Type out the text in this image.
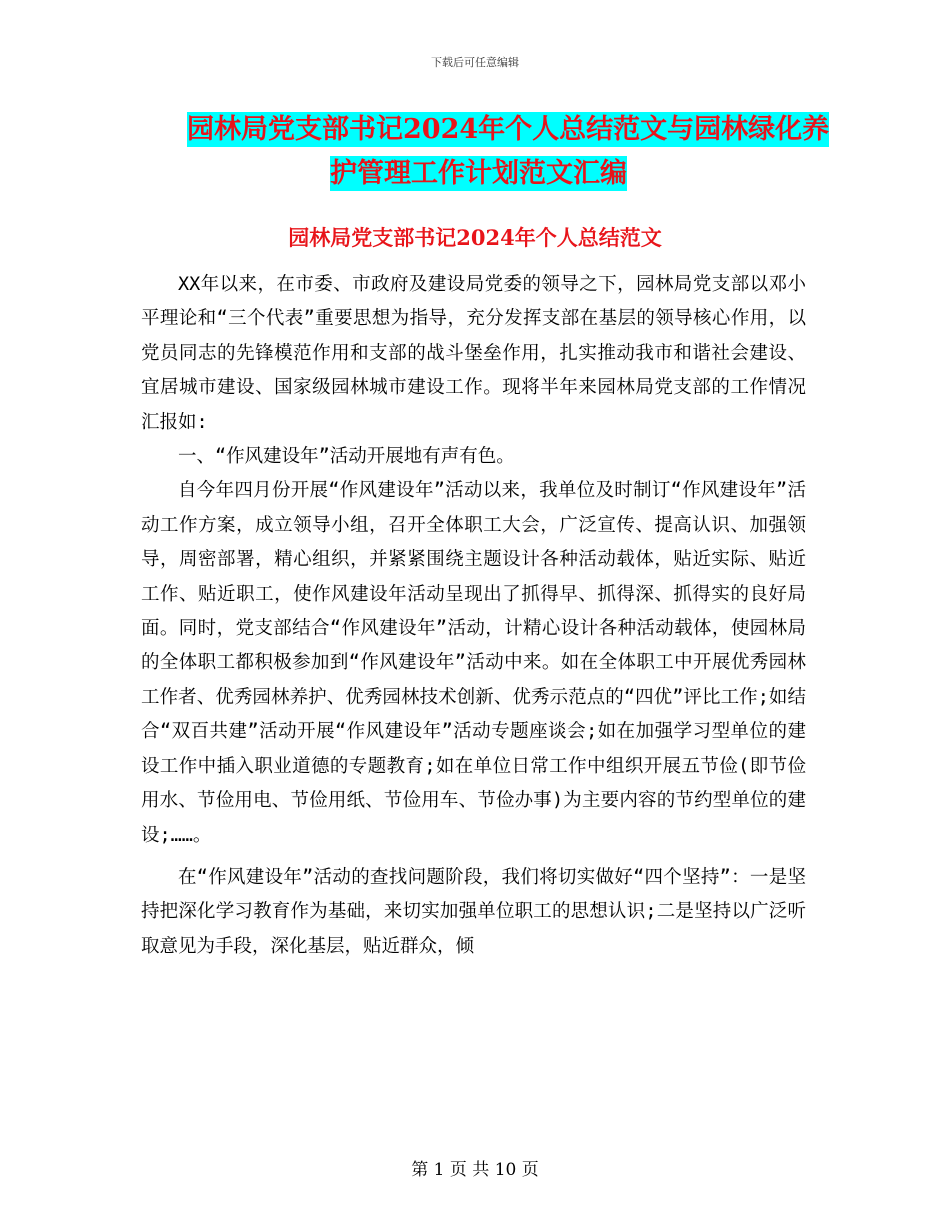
下载后可任意编辑
园林局党支部书记2024年个人总结范文与园林绿化养
护管理工作计划范文汇编
园林局党支部书记2024年个人总结范文

XX年以来，在市委、市政府及建设局党委的领导之下，园林局党支部以邓小平理论和“三个代表”重要思想为指导，充分发挥支部在基层的领导核心作用，以党员同志的先锋模范作用和支部的战斗堡垒作用，扎实推动我市和谐社会建设、宜居城市建设、国家级园林城市建设工作。现将半年来园林局党支部的工作情况汇报如:

一、“作风建设年”活动开展地有声有色。

自今年四月份开展“作风建设年”活动以来，我单位及时制订“作风建设年”活动工作方案，成立领导小组，召开全体职工大会，广泛宣传、提高认识、加强领导，周密部署，精心组织，并紧紧围绕主题设计各种活动载体，贴近实际、贴近工作、贴近职工，使作风建设年活动呈现出了抓得早、抓得深、抓得实的良好局面。同时，党支部结合“作风建设年”活动，计精心设计各种活动载体，使园林局的全体职工都积极参加到“作风建设年”活动中来。如在全体职工中开展优秀园林工作者、优秀园林养护、优秀园林技术创新、优秀示范点的“四优”评比工作;如结合“双百共建”活动开展“作风建设年”活动专题座谈会;如在加强学习型单位的建设工作中插入职业道德的专题教育;如在单位日常工作中组织开展五节俭(即节俭用水、节俭用电、节俭用纸、节俭用车、节俭办事)为主要内容的节约型单位的建设;……。

在“作风建设年”活动的查找问题阶段，我们将切实做好“四个坚持”：一是坚持把深化学习教育作为基础，来切实加强单位职工的思想认识;二是坚持以广泛听取意见为手段，深化基层，贴近群众，倾

第 1 页 共 10 页
